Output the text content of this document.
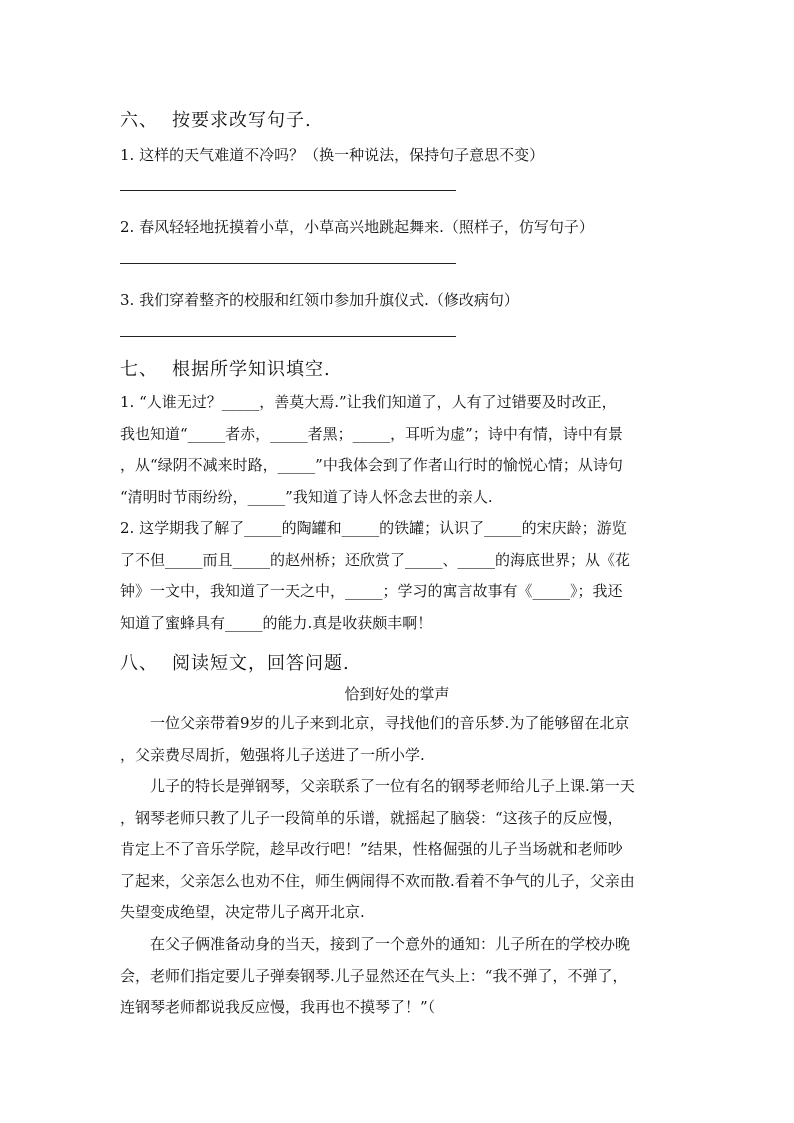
六、 按要求改写句子.
1. 这样的天气难道不冷吗？（换一种说法，保持句子意思不变）
2. 春风轻轻地抚摸着小草，小草高兴地跳起舞来.（照样子，仿写句子）
3. 我们穿着整齐的校服和红领巾参加升旗仪式.（修改病句）
七、 根据所学知识填空.
1. “人谁无过？_____，善莫大焉.”让我们知道了，人有了过错要及时改正，
我也知道“_____者赤，_____者黑；_____，耳听为虚”；诗中有情，诗中有景
，从“绿阴不减来时路，_____”中我体会到了作者山行时的愉悦心情；从诗句
“清明时节雨纷纷，_____”我知道了诗人怀念去世的亲人.
2. 这学期我了解了_____的陶罐和_____的铁罐；认识了_____的宋庆龄；游览
了不但_____而且_____的赵州桥；还欣赏了_____、_____的海底世界；从《花
钟》一文中，我知道了一天之中，_____；学习的寓言故事有《_____》；我还
知道了蜜蜂具有_____的能力.真是收获颇丰啊！
八、 阅读短文，回答问题.
恰到好处的掌声
　　一位父亲带着9岁的儿子来到北京，寻找他们的音乐梦.为了能够留在北京
，父亲费尽周折，勉强将儿子送进了一所小学.
　　儿子的特长是弹钢琴，父亲联系了一位有名的钢琴老师给儿子上课.第一天
，钢琴老师只教了儿子一段简单的乐谱，就摇起了脑袋：“这孩子的反应慢，
肯定上不了音乐学院，趁早改行吧！”结果，性格倔强的儿子当场就和老师吵
了起来，父亲怎么也劝不住，师生俩闹得不欢而散.看着不争气的儿子，父亲由
失望变成绝望，决定带儿子离开北京.
　　在父子俩准备动身的当天，接到了一个意外的通知：儿子所在的学校办晚
会，老师们指定要儿子弹奏钢琴.儿子显然还在气头上：“我不弹了，不弹了，
连钢琴老师都说我反应慢，我再也不摸琴了！”（
